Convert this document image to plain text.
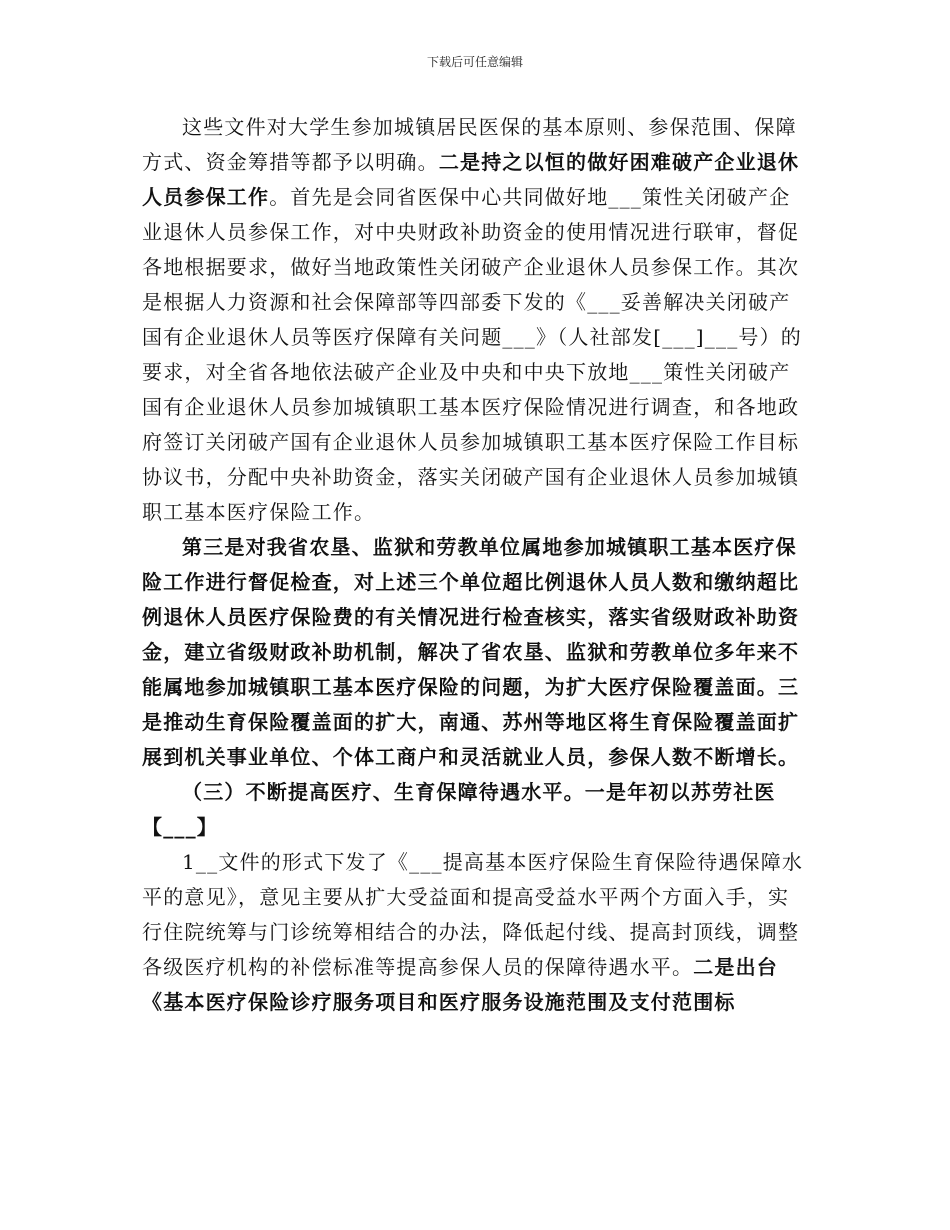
下载后可任意编辑

这些文件对大学生参加城镇居民医保的基本原则、参保范围、保障方式、资金筹措等都予以明确。二是持之以恒的做好困难破产企业退休人员参保工作。首先是会同省医保中心共同做好地___策性关闭破产企业退休人员参保工作，对中央财政补助资金的使用情况进行联审，督促各地根据要求，做好当地政策性关闭破产企业退休人员参保工作。其次是根据人力资源和社会保障部等四部委下发的《___妥善解决关闭破产国有企业退休人员等医疗保障有关问题___》（人社部发[___]___号）的要求，对全省各地依法破产企业及中央和中央下放地___策性关闭破产国有企业退休人员参加城镇职工基本医疗保险情况进行调查，和各地政府签订关闭破产国有企业退休人员参加城镇职工基本医疗保险工作目标协议书，分配中央补助资金，落实关闭破产国有企业退休人员参加城镇职工基本医疗保险工作。

第三是对我省农垦、监狱和劳教单位属地参加城镇职工基本医疗保险工作进行督促检查，对上述三个单位超比例退休人员人数和缴纳超比例退休人员医疗保险费的有关情况进行检查核实，落实省级财政补助资金，建立省级财政补助机制，解决了省农垦、监狱和劳教单位多年来不能属地参加城镇职工基本医疗保险的问题，为扩大医疗保险覆盖面。三是推动生育保险覆盖面的扩大，南通、苏州等地区将生育保险覆盖面扩展到机关事业单位、个体工商户和灵活就业人员，参保人数不断增长。

（三）不断提高医疗、生育保障待遇水平。一是年初以苏劳社医【___】

1__文件的形式下发了《___提高基本医疗保险生育保险待遇保障水平的意见》，意见主要从扩大受益面和提高受益水平两个方面入手，实行住院统筹与门诊统筹相结合的办法，降低起付线、提高封顶线，调整各级医疗机构的补偿标准等提高参保人员的保障待遇水平。二是出台《基本医疗保险诊疗服务项目和医疗服务设施范围及支付范围标
